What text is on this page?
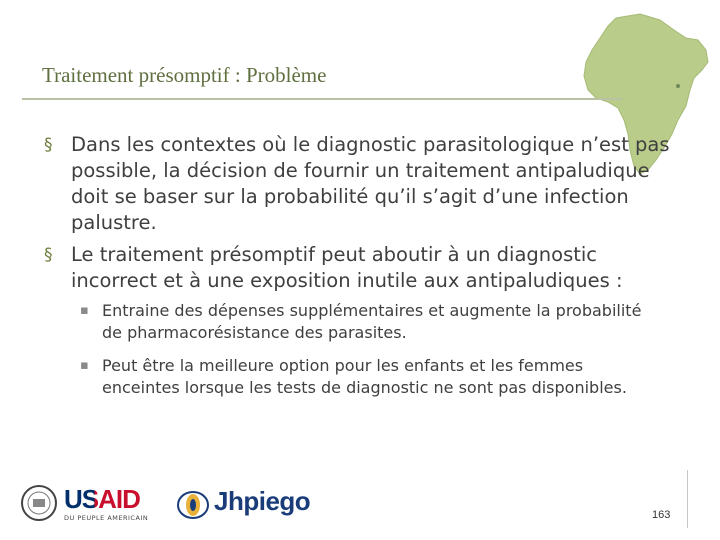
Traitement présomptif : Problème
§ Dans les contextes où le diagnostic parasitologique n’est pas possible, la décision de fournir un traitement antipaludique doit se baser sur la probabilité qu’il s’agit d’une infection palustre.
§ Le traitement présomptif peut aboutir à un diagnostic incorrect et à une exposition inutile aux antipaludiques :
▪ Entraine des dépenses supplémentaires et augmente la probabilité de pharmacorésistance des parasites.
▪ Peut être la meilleure option pour les enfants et les femmes enceintes lorsque les tests de diagnostic ne sont pas disponibles.
USAID
DU PEUPLE AMERICAIN
Jhpiego	163
